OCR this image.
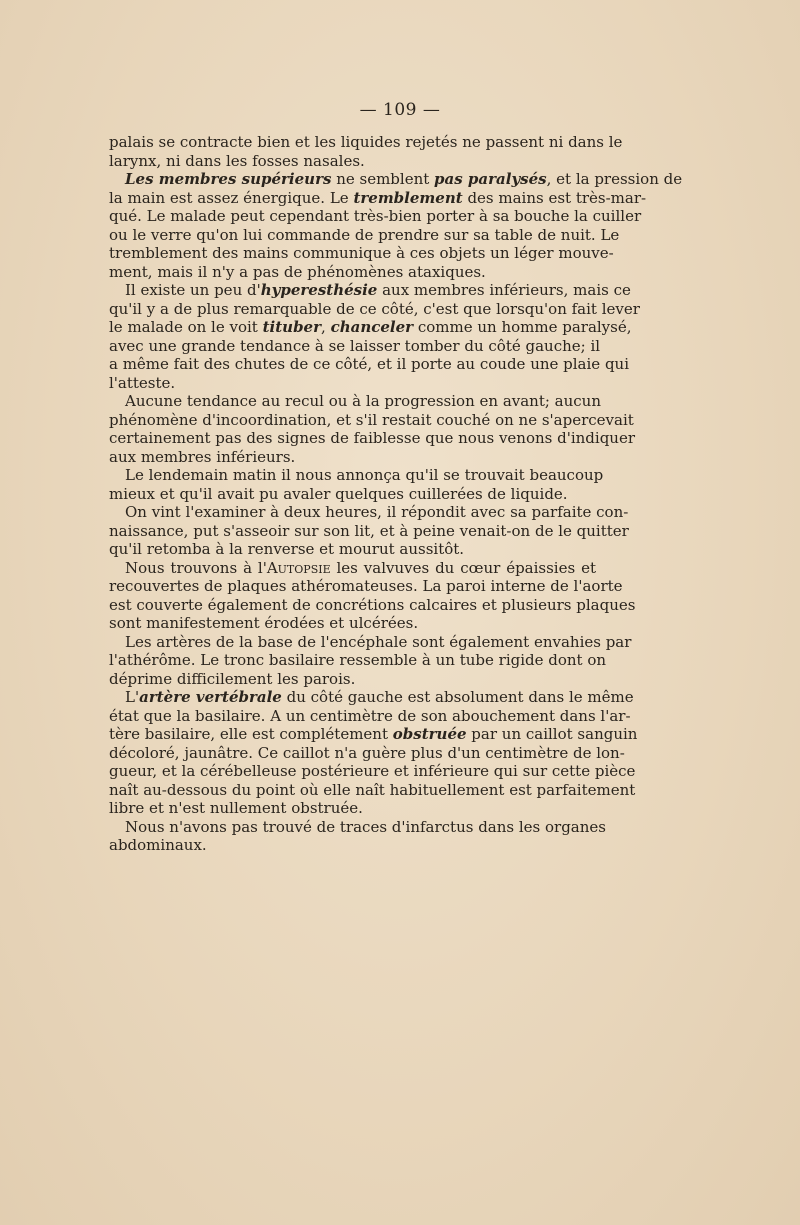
— 109 —
palais se contracte bien et les liquides rejetés ne passent ni dans le
larynx, ni dans les fosses nasales.
Les membres supérieurs ne semblent pas paralysés, et la pression de
la main est assez énergique. Le tremblement des mains est très-mar-
qué. Le malade peut cependant très-bien porter à sa bouche la cuiller
ou le verre qu'on lui commande de prendre sur sa table de nuit. Le
tremblement des mains communique à ces objets un léger mouve-
ment, mais il n'y a pas de phénomènes ataxiques.
Il existe un peu d'hyperesthésie aux membres inférieurs, mais ce
qu'il y a de plus remarquable de ce côté, c'est que lorsqu'on fait lever
le malade on le voit tituber, chanceler comme un homme paralysé,
avec une grande tendance à se laisser tomber du côté gauche; il
a même fait des chutes de ce côté, et il porte au coude une plaie qui
l'atteste.
Aucune tendance au recul ou à la progression en avant; aucun
phénomène d'incoordination, et s'il restait couché on ne s'apercevait
certainement pas des signes de faiblesse que nous venons d'indiquer
aux membres inférieurs.
Le lendemain matin il nous annonça qu'il se trouvait beaucoup
mieux et qu'il avait pu avaler quelques cuillerées de liquide.
On vint l'examiner à deux heures, il répondit avec sa parfaite con-
naissance, put s'asseoir sur son lit, et à peine venait-on de le quitter
qu'il retomba à la renverse et mourut aussitôt.
Nous trouvons à l'Autopsie les valvuves du cœur épaissies et
recouvertes de plaques athéromateuses. La paroi interne de l'aorte
est couverte également de concrétions calcaires et plusieurs plaques
sont manifestement érodées et ulcérées.
Les artères de la base de l'encéphale sont également envahies par
l'athérôme. Le tronc basilaire ressemble à un tube rigide dont on
déprime difficilement les parois.
L'artère vertébrale du côté gauche est absolument dans le même
état que la basilaire. A un centimètre de son abouchement dans l'ar-
tère basilaire, elle est complétement obstruée par un caillot sanguin
décoloré, jaunâtre. Ce caillot n'a guère plus d'un centimètre de lon-
gueur, et la cérébelleuse postérieure et inférieure qui sur cette pièce
naît au-dessous du point où elle naît habituellement est parfaitement
libre et n'est nullement obstruée.
Nous n'avons pas trouvé de traces d'infarctus dans les organes
abdominaux.
